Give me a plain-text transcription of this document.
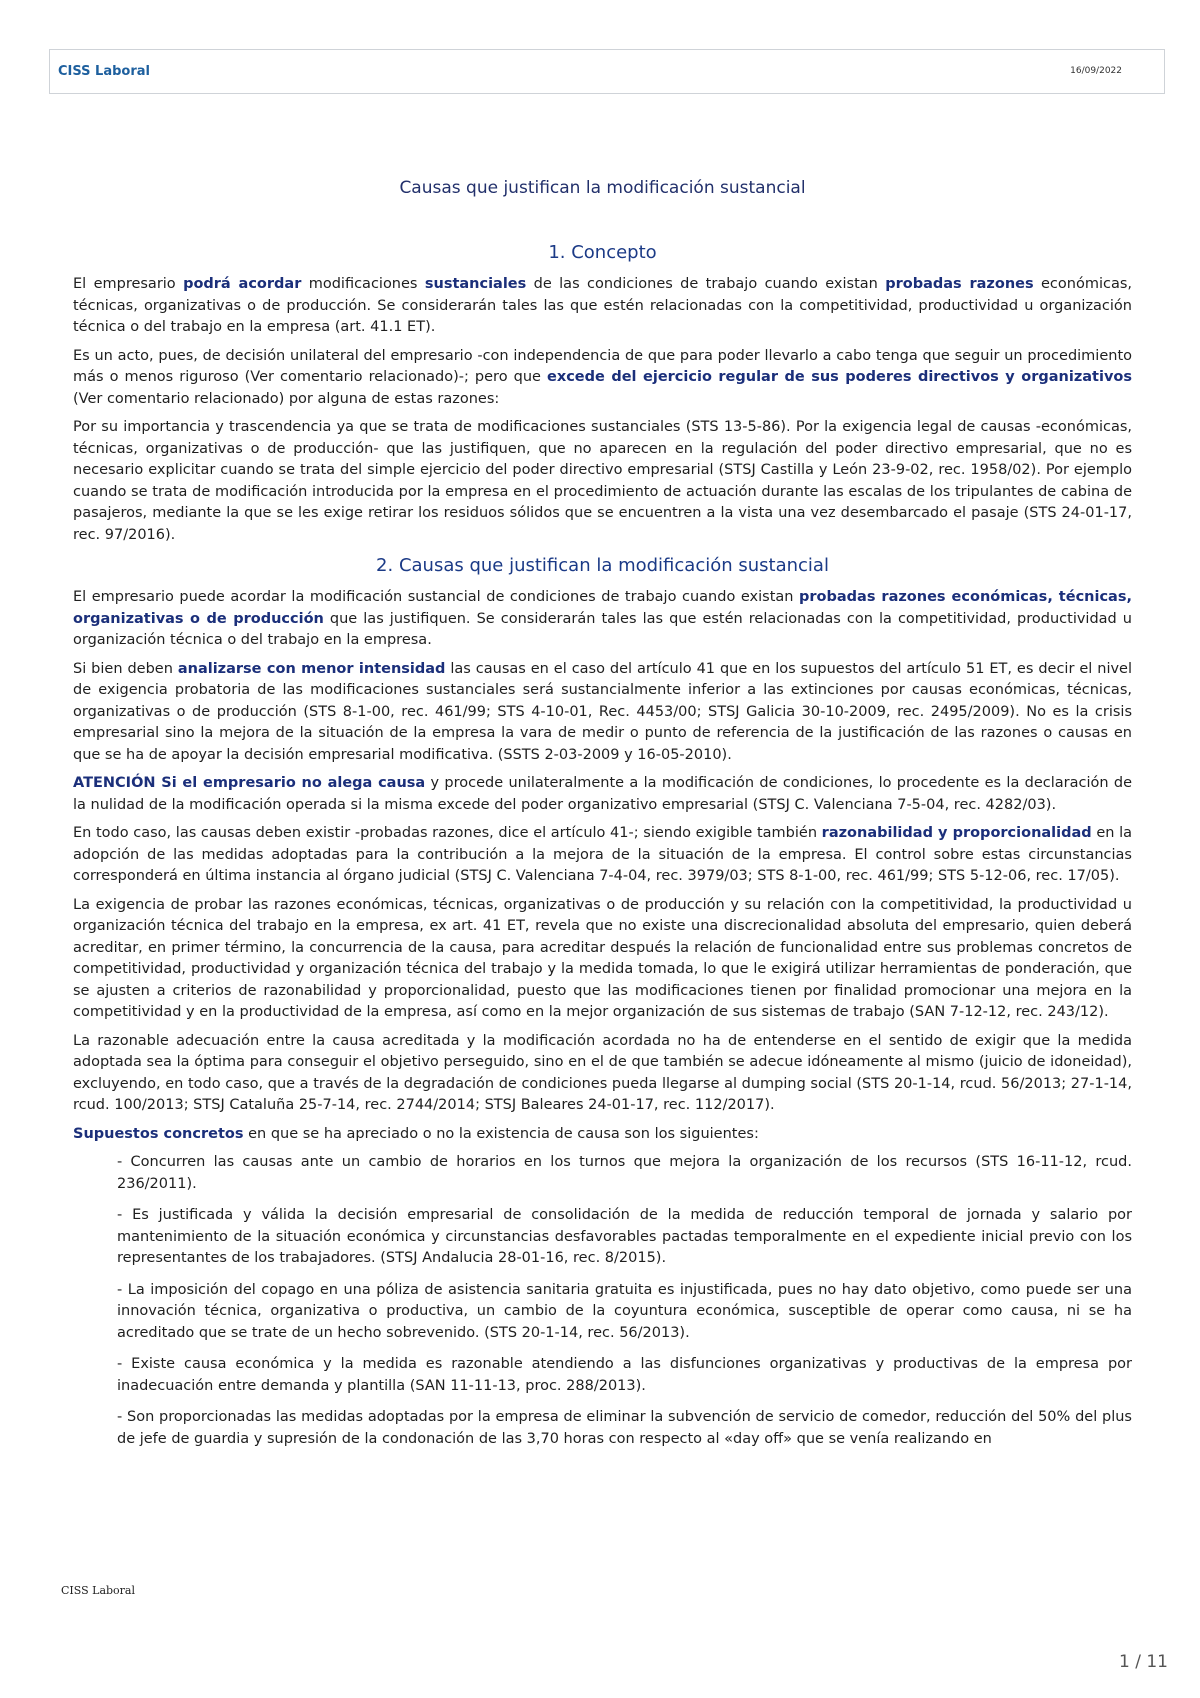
CISS Laboral	16/09/2022
Causas que justifican la modificación sustancial
1. Concepto

El empresario podrá acordar modificaciones sustanciales de las condiciones de trabajo cuando existan probadas razones económicas, técnicas, organizativas o de producción. Se considerarán tales las que estén relacionadas con la competitividad, productividad u organización técnica o del trabajo en la empresa (art. 41.1 ET).

Es un acto, pues, de decisión unilateral del empresario -con independencia de que para poder llevarlo a cabo tenga que seguir un procedimiento más o menos riguroso (Ver comentario relacionado)-; pero que excede del ejercicio regular de sus poderes directivos y organizativos (Ver comentario relacionado) por alguna de estas razones:

Por su importancia y trascendencia ya que se trata de modificaciones sustanciales (STS 13-5-86). Por la exigencia legal de causas -económicas, técnicas, organizativas o de producción- que las justifiquen, que no aparecen en la regulación del poder directivo empresarial, que no es necesario explicitar cuando se trata del simple ejercicio del poder directivo empresarial (STSJ Castilla y León 23-9-02, rec. 1958/02). Por ejemplo cuando se trata de modificación introducida por la empresa en el procedimiento de actuación durante las escalas de los tripulantes de cabina de pasajeros, mediante la que se les exige retirar los residuos sólidos que se encuentren a la vista una vez desembarcado el pasaje (STS 24-01-17, rec. 97/2016).

2. Causas que justifican la modificación sustancial

El empresario puede acordar la modificación sustancial de condiciones de trabajo cuando existan probadas razones económicas, técnicas, organizativas o de producción que las justifiquen. Se considerarán tales las que estén relacionadas con la competitividad, productividad u organización técnica o del trabajo en la empresa.

Si bien deben analizarse con menor intensidad las causas en el caso del artículo 41 que en los supuestos del artículo 51 ET, es decir el nivel de exigencia probatoria de las modificaciones sustanciales será sustancialmente inferior a las extinciones por causas económicas, técnicas, organizativas o de producción (STS 8-1-00, rec. 461/99; STS 4-10-01, Rec. 4453/00; STSJ Galicia 30-10-2009, rec. 2495/2009). No es la crisis empresarial sino la mejora de la situación de la empresa la vara de medir o punto de referencia de la justificación de las razones o causas en que se ha de apoyar la decisión empresarial modificativa. (SSTS 2-03-2009 y 16-05-2010).

ATENCIÓN Si el empresario no alega causa y procede unilateralmente a la modificación de condiciones, lo procedente es la declaración de la nulidad de la modificación operada si la misma excede del poder organizativo empresarial (STSJ C. Valenciana 7-5-04, rec. 4282/03).

En todo caso, las causas deben existir -probadas razones, dice el artículo 41-; siendo exigible también razonabilidad y proporcionalidad en la adopción de las medidas adoptadas para la contribución a la mejora de la situación de la empresa. El control sobre estas circunstancias corresponderá en última instancia al órgano judicial (STSJ C. Valenciana 7-4-04, rec. 3979/03; STS 8-1-00, rec. 461/99; STS 5-12-06, rec. 17/05).

La exigencia de probar las razones económicas, técnicas, organizativas o de producción y su relación con la competitividad, la productividad u organización técnica del trabajo en la empresa, ex art. 41 ET, revela que no existe una discrecionalidad absoluta del empresario, quien deberá acreditar, en primer término, la concurrencia de la causa, para acreditar después la relación de funcionalidad entre sus problemas concretos de competitividad, productividad y organización técnica del trabajo y la medida tomada, lo que le exigirá utilizar herramientas de ponderación, que se ajusten a criterios de razonabilidad y proporcionalidad, puesto que las modificaciones tienen por finalidad promocionar una mejora en la competitividad y en la productividad de la empresa, así como en la mejor organización de sus sistemas de trabajo (SAN 7-12-12, rec. 243/12).

La razonable adecuación entre la causa acreditada y la modificación acordada no ha de entenderse en el sentido de exigir que la medida adoptada sea la óptima para conseguir el objetivo perseguido, sino en el de que también se adecue idóneamente al mismo (juicio de idoneidad), excluyendo, en todo caso, que a través de la degradación de condiciones pueda llegarse al dumping social (STS 20-1-14, rcud. 56/2013; 27-1-14, rcud. 100/2013; STSJ Cataluña 25-7-14, rec. 2744/2014; STSJ Baleares 24-01-17, rec. 112/2017).

Supuestos concretos en que se ha apreciado o no la existencia de causa son los siguientes:

- Concurren las causas ante un cambio de horarios en los turnos que mejora la organización de los recursos (STS 16-11-12, rcud. 236/2011).

- Es justificada y válida la decisión empresarial de consolidación de la medida de reducción temporal de jornada y salario por mantenimiento de la situación económica y circunstancias desfavorables pactadas temporalmente en el expediente inicial previo con los representantes de los trabajadores. (STSJ Andalucia 28-01-16, rec. 8/2015).

- La imposición del copago en una póliza de asistencia sanitaria gratuita es injustificada, pues no hay dato objetivo, como puede ser una innovación técnica, organizativa o productiva, un cambio de la coyuntura económica, susceptible de operar como causa, ni se ha acreditado que se trate de un hecho sobrevenido. (STS 20-1-14, rec. 56/2013).

- Existe causa económica y la medida es razonable atendiendo a las disfunciones organizativas y productivas de la empresa por inadecuación entre demanda y plantilla (SAN 11-11-13, proc. 288/2013).

- Son proporcionadas las medidas adoptadas por la empresa de eliminar la subvención de servicio de comedor, reducción del 50% del plus de jefe de guardia y supresión de la condonación de las 3,70 horas con respecto al «day off» que se venía realizando en

CISS Laboral
1 / 11
